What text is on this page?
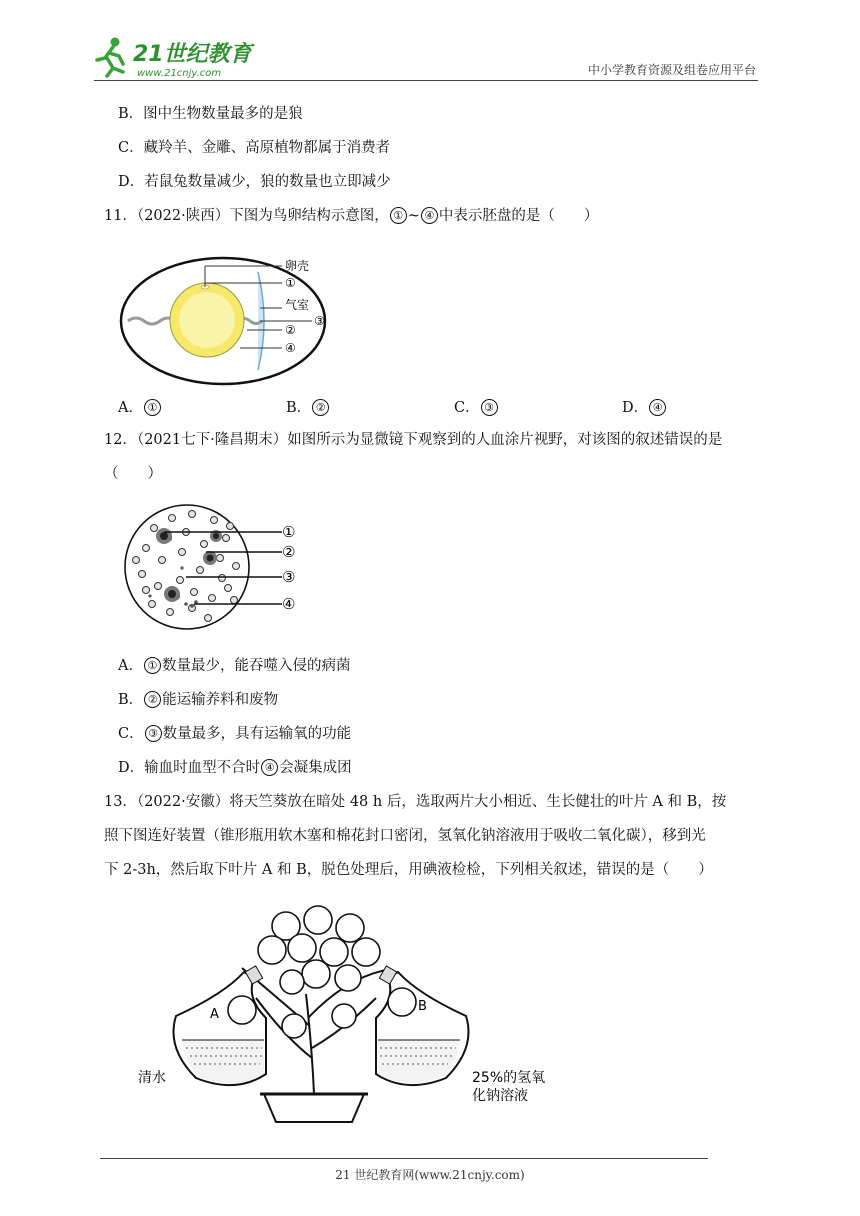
21世纪教育
www.21cnjy.com	中小学教育资源及组卷应用平台
B．图中生物数量最多的是狼
C．藏羚羊、金雕、高原植物都属于消费者
D．若鼠兔数量减少，狼的数量也立即减少
11．（2022·陕西）下图为鸟卵结构示意图， ① ~ ④ 中表示胚盘的是（　　）
卵壳
①
气室
③
②
④
A． ①	B． ②	C． ③	D． ④
12．（2021七下·隆昌期末）如图所示为显微镜下观察到的人血涂片视野，对该图的叙述错误的是
（　　）
①
②
③
④
A． ① 数量最少，能吞噬入侵的病菌
B． ② 能运输养料和废物
C． ③ 数量最多，具有运输氧的功能
D．输血时血型不合时 ④ 会凝集成团
13．（2022·安徽）将天竺葵放在暗处 48 h 后，选取两片大小相近、生长健壮的叶片 A 和 B，按
照下图连好装置（锥形瓶用软木塞和棉花封口密闭，氢氧化钠溶液用于吸收二氧化碳），移到光
下 2-3h，然后取下叶片 A 和 B，脱色处理后，用碘液检检，下列相关叙述，错误的是（　　）
A
B
清水	25%的氢氧
化钠溶液
21 世纪教育网(www.21cnjy.com)
